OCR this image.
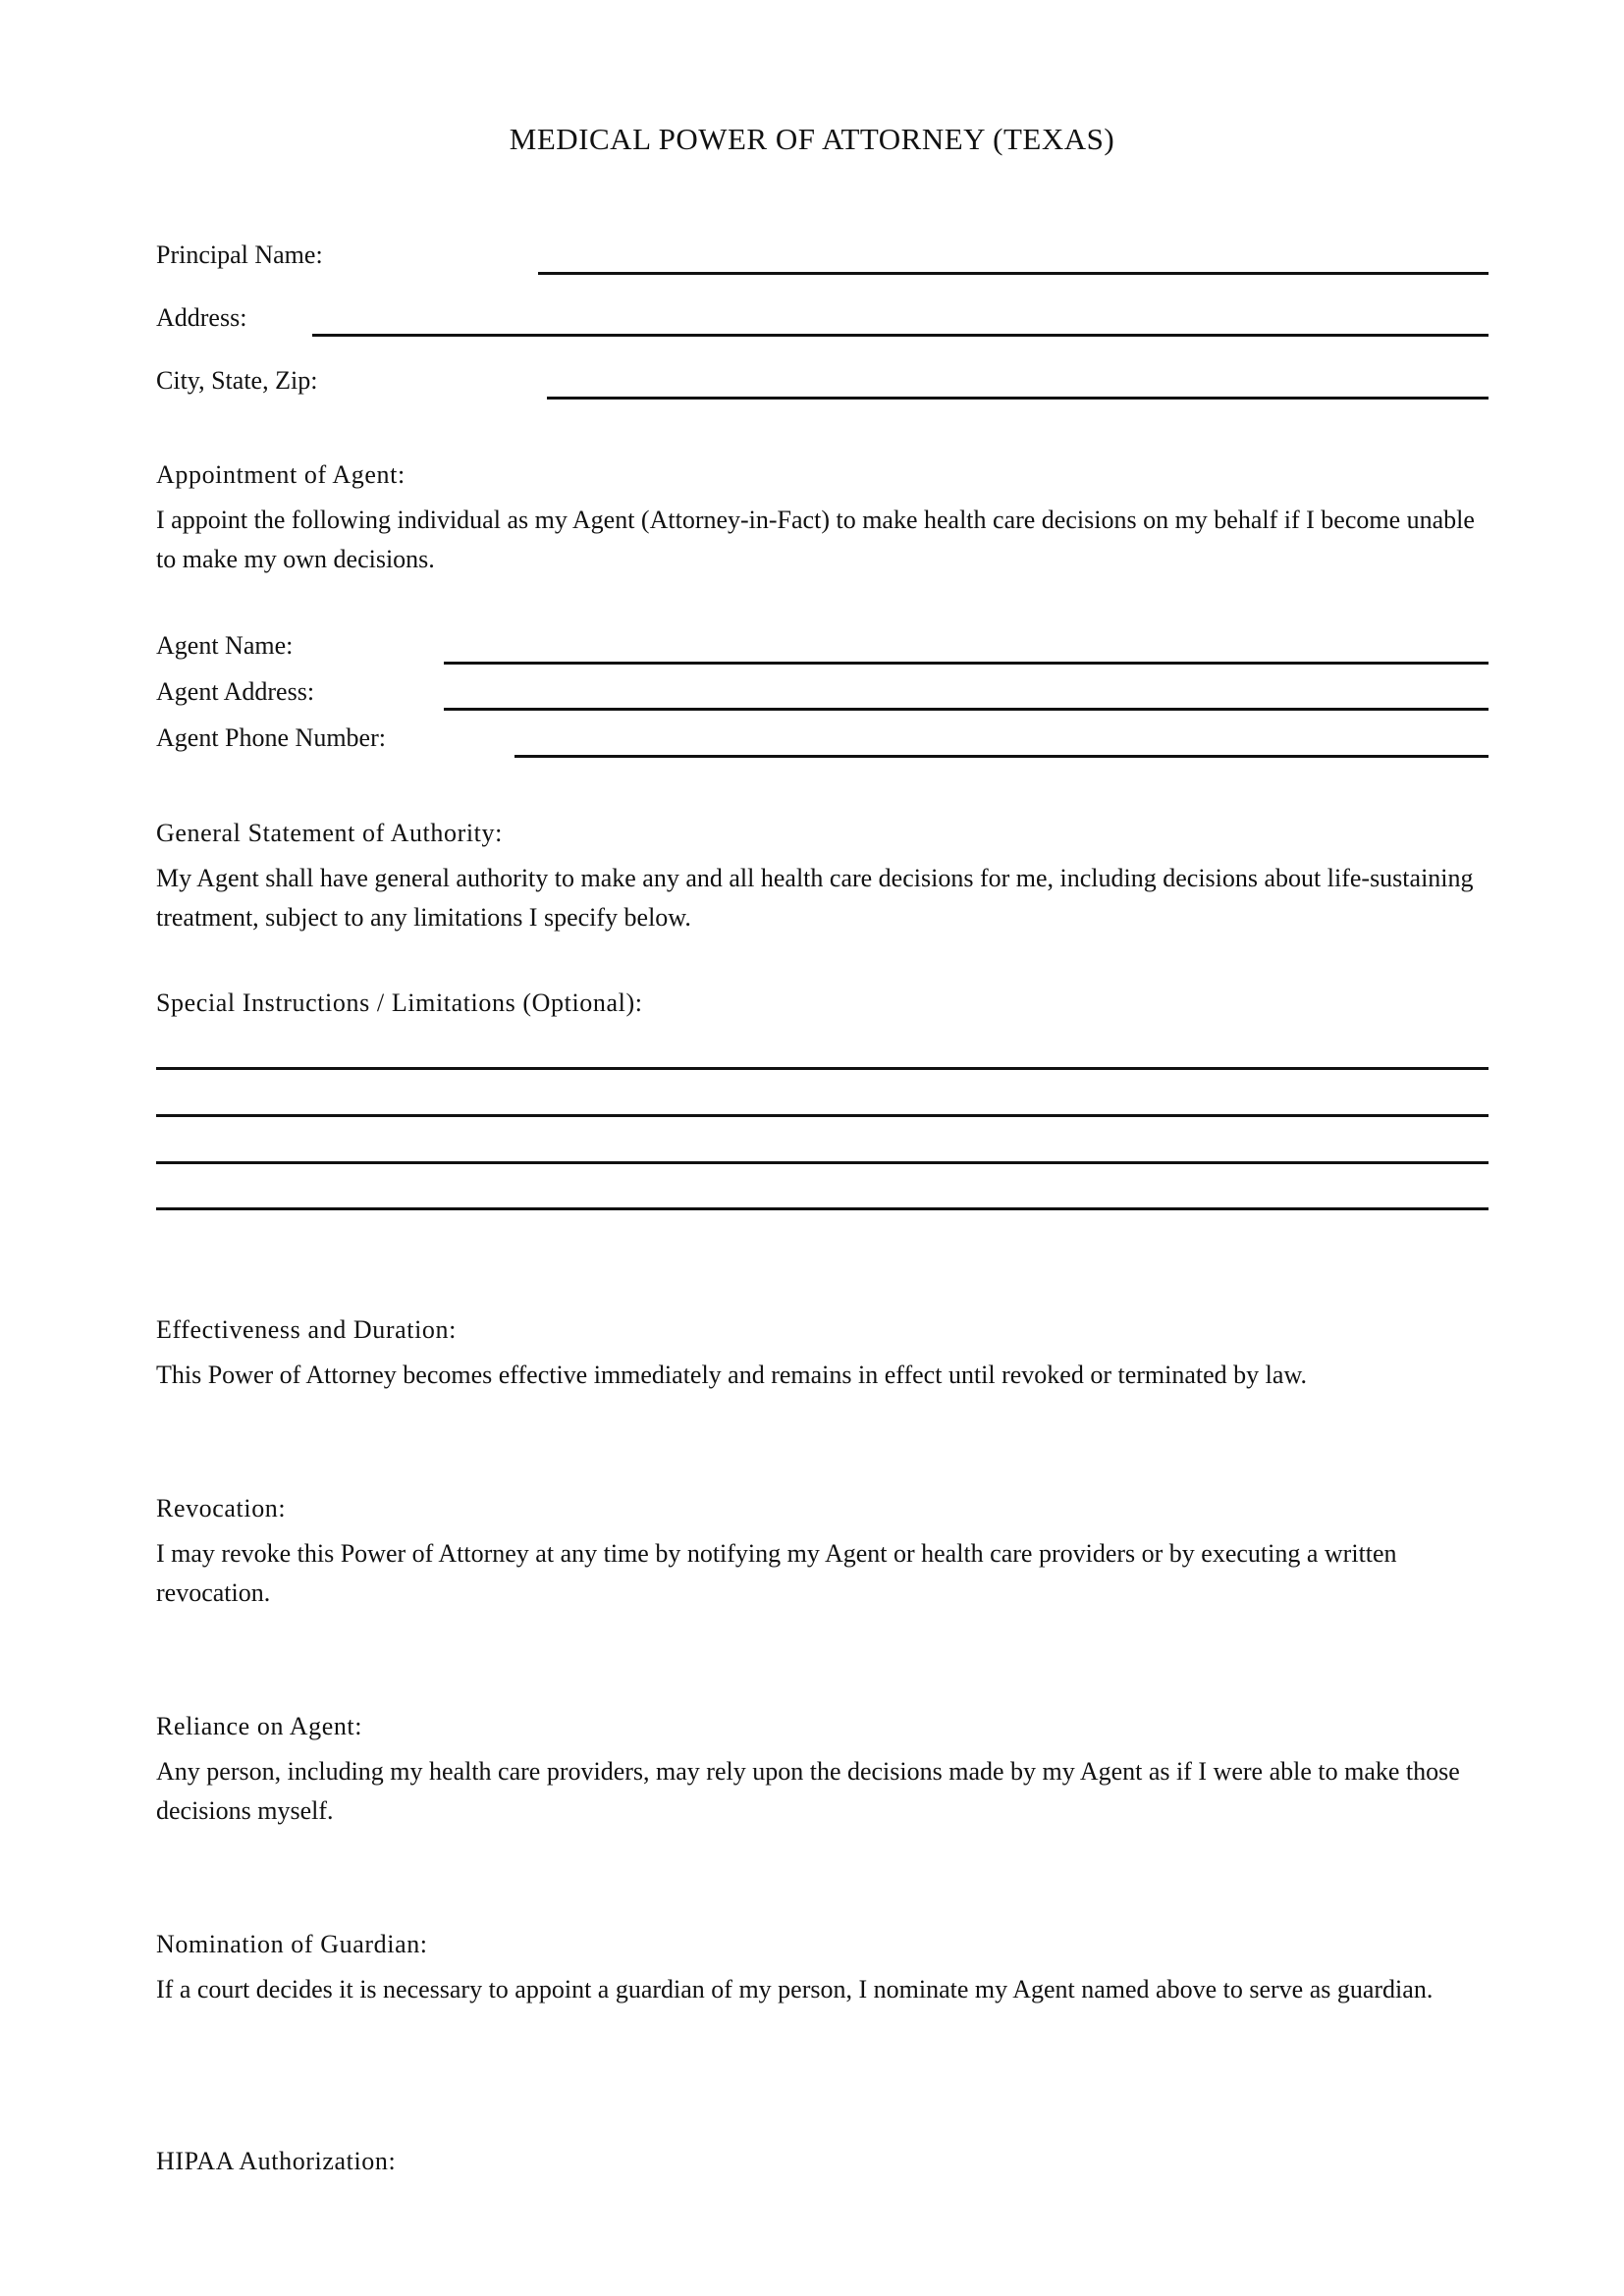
MEDICAL POWER OF ATTORNEY (TEXAS)
Principal Name:
Address:
City, State, Zip:
Appointment of Agent:
I appoint the following individual as my Agent (Attorney-in-Fact) to make health care decisions on my behalf if I become unable to make my own decisions.
Agent Name:
Agent Address:
Agent Phone Number:
General Statement of Authority:
My Agent shall have general authority to make any and all health care decisions for me, including decisions about life-sustaining treatment, subject to any limitations I specify below.
Special Instructions / Limitations (Optional):
Effectiveness and Duration:
This Power of Attorney becomes effective immediately and remains in effect until revoked or terminated by law.
Revocation:
I may revoke this Power of Attorney at any time by notifying my Agent or health care providers or by executing a written revocation.
Reliance on Agent:
Any person, including my health care providers, may rely upon the decisions made by my Agent as if I were able to make those decisions myself.
Nomination of Guardian:
If a court decides it is necessary to appoint a guardian of my person, I nominate my Agent named above to serve as guardian.
HIPAA Authorization:
